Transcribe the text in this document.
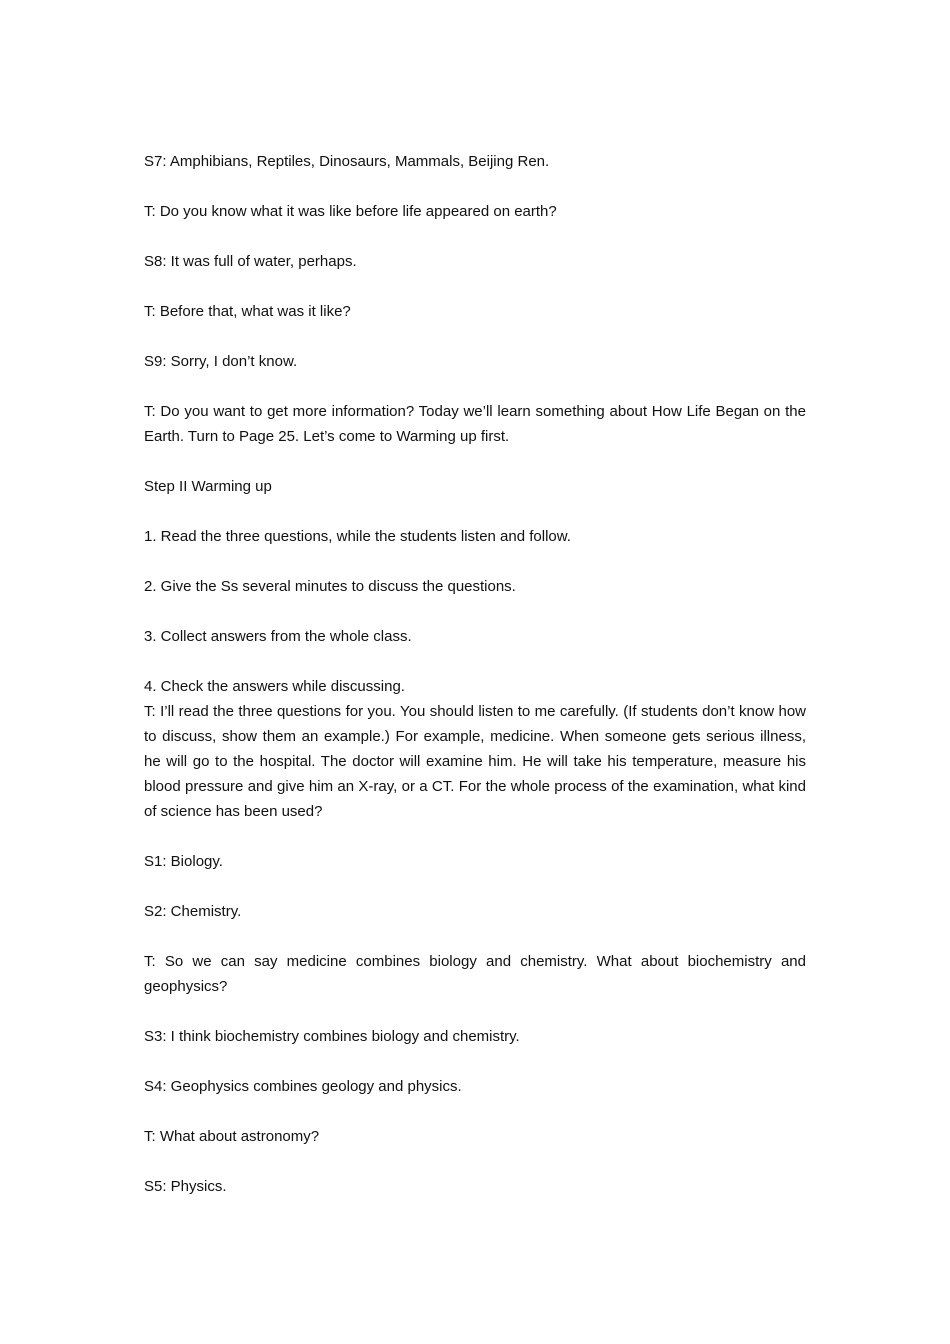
S7: Amphibians, Reptiles, Dinosaurs, Mammals, Beijing Ren.

T: Do you know what it was like before life appeared on earth?

S8: It was full of water, perhaps.

T: Before that, what was it like?

S9: Sorry, I don’t know.

T: Do you want to get more information? Today we’ll learn something about How Life Began on the Earth. Turn to Page 25. Let’s come to Warming up first.

Step II Warming up

1. Read the three questions, while the students listen and follow.

2. Give the Ss several minutes to discuss the questions.

3. Collect answers from the whole class.

4. Check the answers while discussing.

T: I’ll read the three questions for you. You should listen to me carefully. (If students don’t know how to discuss, show them an example.) For example, medicine. When someone gets serious illness, he will go to the hospital. The doctor will examine him. He will take his temperature, measure his blood pressure and give him an X-ray, or a CT. For the whole process of the examination, what kind of science has been used?

S1: Biology.

S2: Chemistry.

T: So we can say medicine combines biology and chemistry. What about biochemistry and geophysics?

S3: I think biochemistry combines biology and chemistry.

S4: Geophysics combines geology and physics.

T: What about astronomy?

S5: Physics.
